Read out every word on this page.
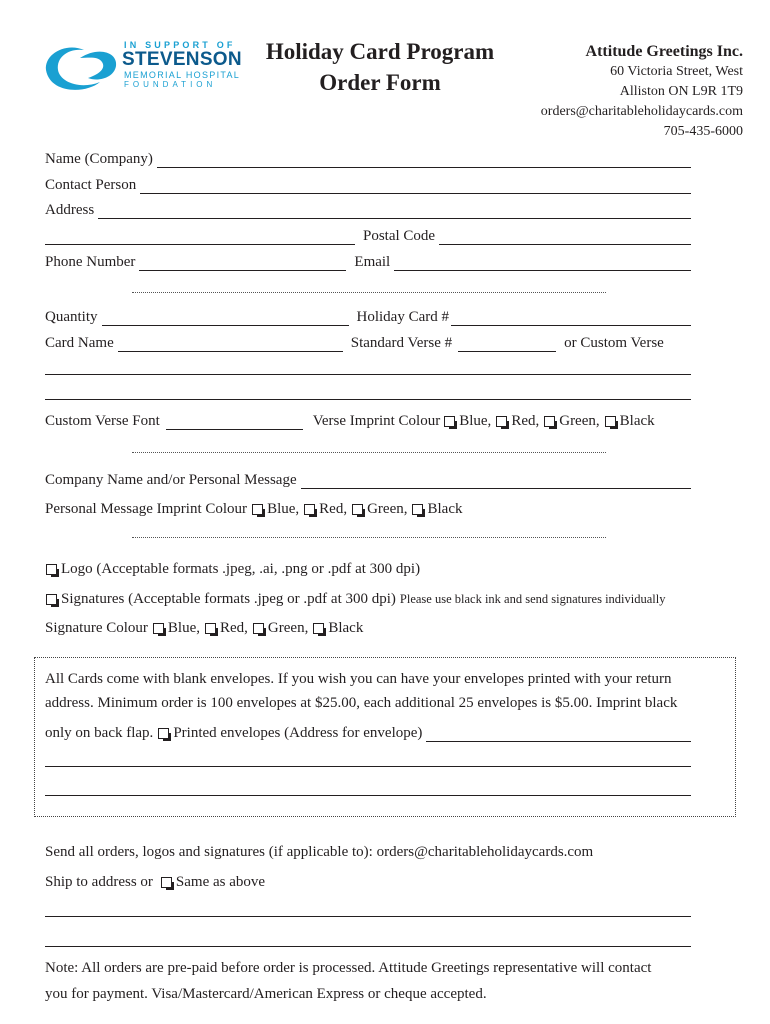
IN SUPPORT OF
STEVENSON
MEMORIAL HOSPITAL
FOUNDATION
Holiday Card Program
Order Form
Attitude Greetings Inc.
60 Victoria Street, West
Alliston ON L9R 1T9
orders@charitableholidaycards.com
705-435-6000
Name (Company)
Contact Person
Address
Postal Code
Phone Number	Email
Quantity	Holiday Card #
Card Name	Standard Verse #	or Custom Verse
Custom Verse Font	Verse Imprint Colour Blue, Red, Green, Black
Company Name and/or Personal Message
Personal Message Imprint Colour Blue, Red, Green, Black
Logo (Acceptable formats .jpeg, .ai, .png or .pdf at 300 dpi)
Signatures (Acceptable formats .jpeg or .pdf at 300 dpi) Please use black ink and send signatures individually
Signature Colour Blue, Red, Green, Black
All Cards come with blank envelopes. If you wish you can have your envelopes printed with your return
address. Minimum order is 100 envelopes at $25.00, each additional 25 envelopes is $5.00. Imprint black
only on back flap. Printed envelopes (Address for envelope)
Send all orders, logos and signatures (if applicable to): orders@charitableholidaycards.com
Ship to address or Same as above
Note: All orders are pre-paid before order is processed. Attitude Greetings representative will contact
you for payment. Visa/Mastercard/American Express or cheque accepted.
